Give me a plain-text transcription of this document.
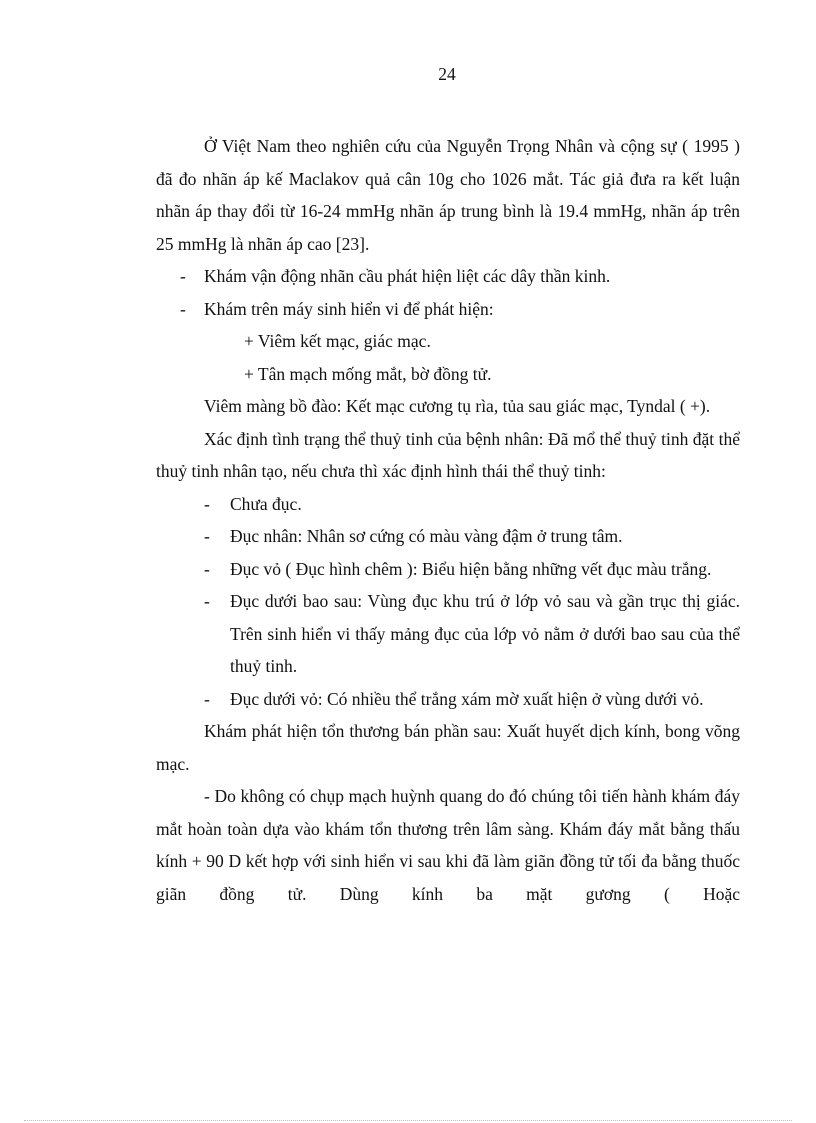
24

Ở Việt Nam theo nghiên cứu của Nguyễn Trọng Nhân và cộng sự ( 1995 ) đã đo nhãn áp kế Maclakov quả cân 10g cho 1026 mắt. Tác giả đưa ra kết luận nhãn áp thay đổi từ 16-24 mmHg nhãn áp trung bình là 19.4 mmHg, nhãn áp trên 25 mmHg là nhãn áp cao [23].

- Khám vận động nhãn cầu phát hiện liệt các dây thần kinh.

- Khám trên máy sinh hiển vi để phát hiện:

+ Viêm kết mạc, giác mạc.

+ Tân mạch mống mắt, bờ đồng tử.

Viêm màng bồ đào: Kết mạc cương tụ rìa, tủa sau giác mạc, Tyndal ( +).

Xác định tình trạng thể thuỷ tinh của bệnh nhân: Đã mổ thể thuỷ tinh đặt thể thuỷ tinh nhân tạo, nếu chưa thì xác định hình thái thể thuỷ tinh:

- Chưa đục.

- Đục nhân: Nhân sơ cứng có màu vàng đậm ở trung tâm.

- Đục vỏ ( Đục hình chêm ): Biểu hiện bằng những vết đục màu trắng.

- Đục dưới bao sau: Vùng đục khu trú ở lớp vỏ sau và gần trục thị giác. Trên sinh hiển vi thấy mảng đục của lớp vỏ nằm ở dưới bao sau của thể thuỷ tinh.

- Đục dưới vỏ: Có nhiều thể trắng xám mờ xuất hiện ở vùng dưới vỏ.

Khám phát hiện tổn thương bán phần sau: Xuất huyết dịch kính, bong võng mạc.

- Do không có chụp mạch huỳnh quang do đó chúng tôi tiến hành khám đáy mắt hoàn toàn dựa vào khám tổn thương trên lâm sàng. Khám đáy mắt bằng thấu kính + 90 D kết hợp với sinh hiển vi sau khi đã làm giãn đồng tử tối đa bằng thuốc giãn đồng tử. Dùng kính ba mặt gương ( Hoặc
